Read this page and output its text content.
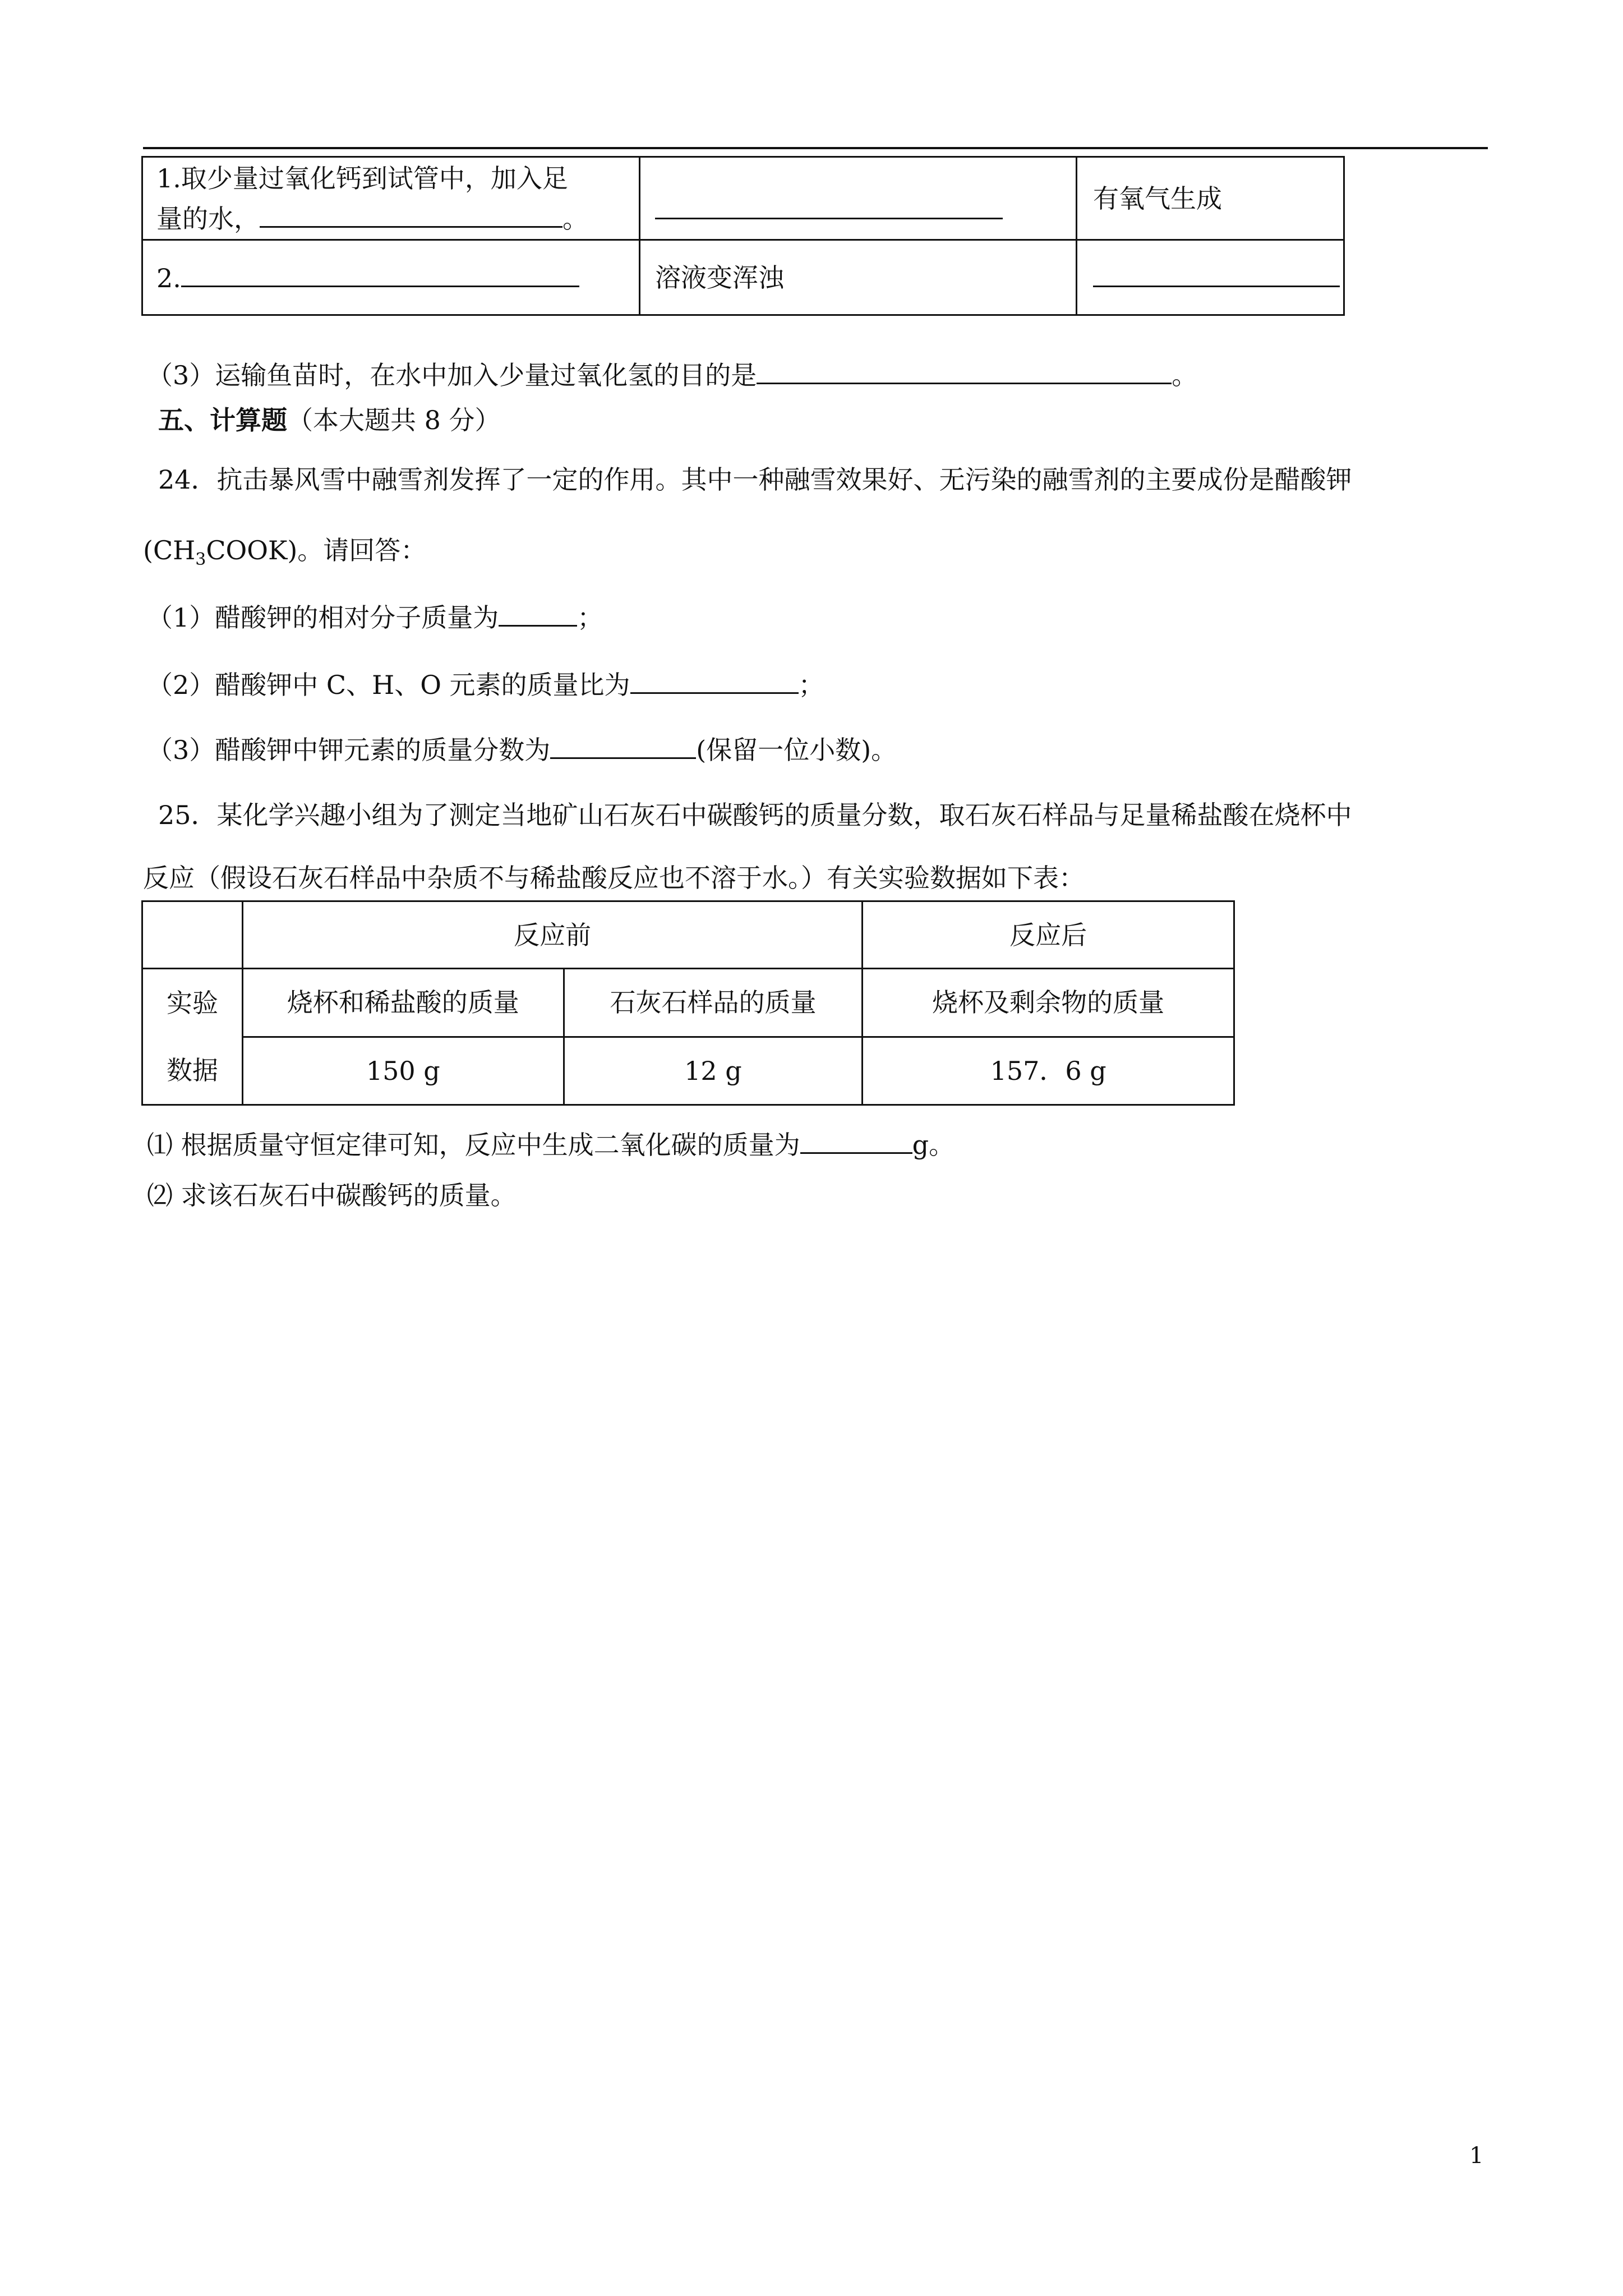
1.取少量过氧化钙到试管中，加入足
量的水， 。		有氧气生成
2.	溶液变浑浊	
（3）运输鱼苗时，在水中加入少量过氧化氢的目的是	。
五、计算题（本大题共 8 分）
24．抗击暴风雪中融雪剂发挥了一定的作用。其中一种融雪效果好、无污染的融雪剂的主要成份是醋酸钾
$(CH_3COOK)$。请回答：
（1）醋酸钾的相对分子质量为	；
（2）醋酸钾中 C、H、O 元素的质量比为	；
（3）醋酸钾中钾元素的质量分数为	(保留一位小数)。
25．某化学兴趣小组为了测定当地矿山石灰石中碳酸钙的质量分数，取石灰石样品与足量稀盐酸在烧杯中
反应（假设石灰石样品中杂质不与稀盐酸反应也不溶于水。）有关实验数据如下表：
	反应前		反应后

实验
数据	烧杯和稀盐酸的质量	石灰石样品的质量	烧杯及剩余物的质量
	150 g	12 g	157．6 g
⑴ 根据质量守恒定律可知，反应中生成二氧化碳的质量为	g。
⑵ 求该石灰石中碳酸钙的质量。
1
